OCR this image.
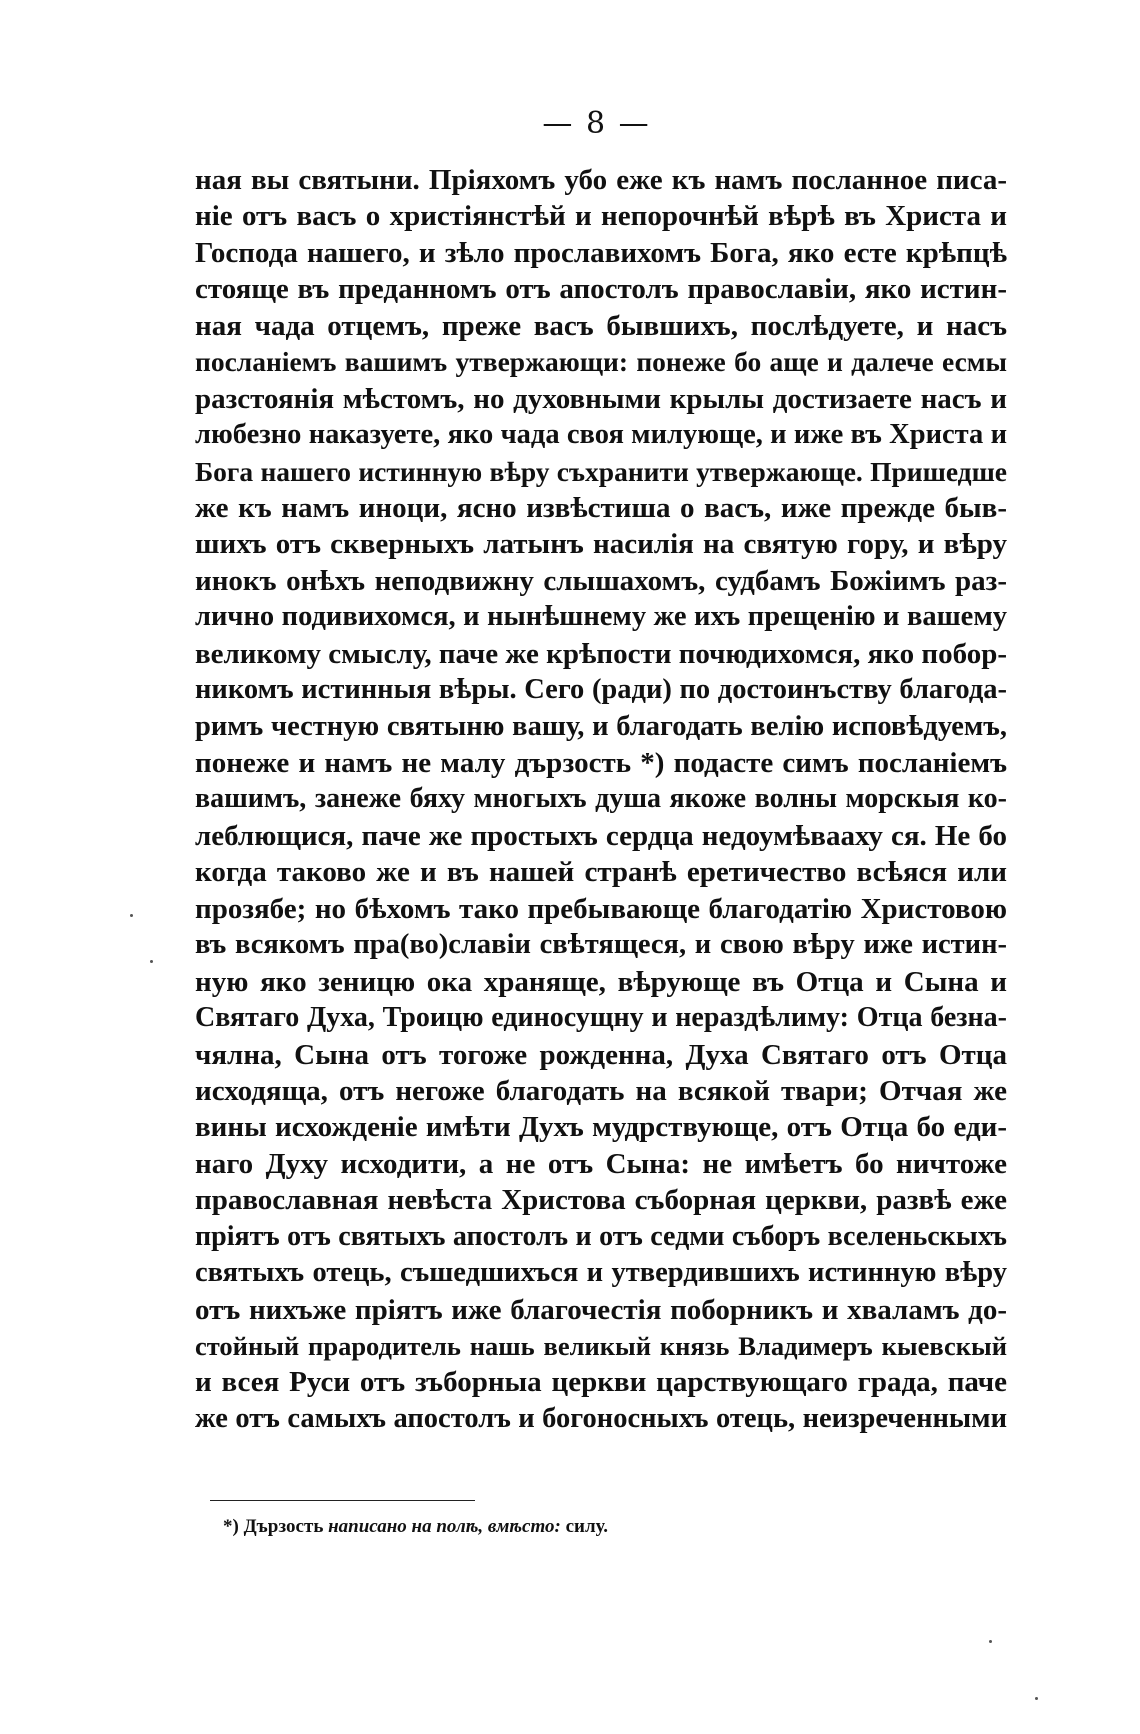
— 8 —
ная вы святыни. Пріяхомъ убо еже къ намъ посланное писа-
ніе отъ васъ о христіянстѣй и непорочнѣй вѣрѣ въ Христа и
Господа нашего, и зѣло прославихомъ Бога, яко есте крѣпцѣ
стояще въ преданномъ отъ апостолъ православіи, яко истин-
ная чада отцемъ, преже васъ бывшихъ, послѣдуете, и насъ
посланіемъ вашимъ утвержающи: понеже бо аще и далече есмы
разстоянія мѣстомъ, но духовными крылы достизаете насъ и
любезно наказуете, яко чада своя милующе, и иже въ Христа и
Бога нашего истинную вѣру съхранити утвержающе. Пришедше
же къ намъ иноци, ясно извѣстиша о васъ, иже прежде быв-
шихъ отъ скверныхъ латынъ насилія на святую гору, и вѣру
инокъ онѣхъ неподвижну слышахомъ, судбамъ Божіимъ раз-
лично подивихомся, и нынѣшнему же ихъ прещенію и вашему
великому смыслу, паче же крѣпости почюдихомся, яко побор-
никомъ истинныя вѣры. Сего (ради) по достоинъству благода-
римъ честную святыню вашу, и благодать велію исповѣдуемъ,
понеже и намъ не малу дързость *) подасте симъ посланіемъ
вашимъ, занеже бяху многыхъ душа якоже волны морскыя ко-
леблющися, паче же простыхъ сердца недоумѣвааху ся. Не бо
когда таково же и въ нашей странѣ еретичество всѣяся или
прозябе; но бѣхомъ тако пребывающе благодатію Христовою
въ всякомъ пра(во)славіи свѣтящеся, и свою вѣру иже истин-
ную яко зеницю ока хранящe, вѣрующе въ Отца и Сына и
Святаго Духа, Троицю единосущну и нераздѣлиму: Отца безна-
чялна, Сына отъ тогоже рожденна, Духа Святаго отъ Отца
исходяща, отъ негоже благодать на всякой твари; Отчая же
вины исхожденіе имѣти Духъ мудрствующе, отъ Отца бо еди-
наго Духу исходити, а не отъ Сына: не имѣетъ бо ничтоже
православная невѣста Христова съборная церкви, развѣ еже
пріятъ отъ святыхъ апостолъ и отъ седми съборъ вселеньскыхъ
святыхъ отець, съшедшихъся и утвердившихъ истинную вѣру
отъ нихъже пріятъ иже благочестія поборникъ и хваламъ до-
стойный прародитель нашь великый князь Владимеръ кыевскый
и всея Руси отъ зъборныа церкви царствующаго града, паче
же отъ самыхъ апостолъ и богоносныхъ отець, неизреченными
*) Дързость написано на полѣ, вмѣсто: силу.
